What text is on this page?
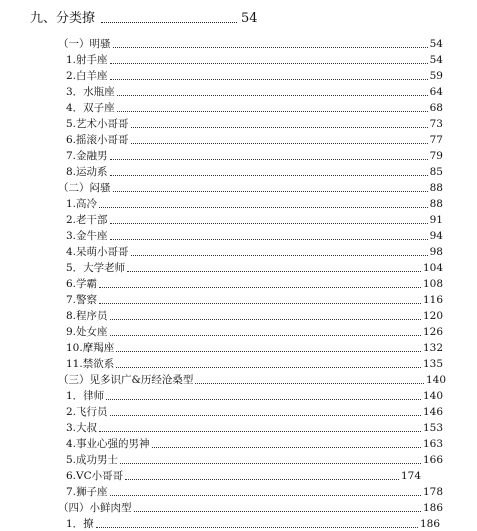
九、分类撩	54
（一）明骚	54
1.射手座	54
2.白羊座	59
3．水瓶座	64
4．双子座	68
5.艺术小哥哥	73
6.摇滚小哥哥	77
7.金融男	79
8.运动系	85
（二）闷骚	88
1.高冷	88
2.老干部	91
3.金牛座	94
4.呆萌小哥哥	98
5．大学老师	104
6.学霸	108
7.警察	116
8.程序员	120
9.处女座	126
10.摩羯座	132
11.禁欲系	135
（三）见多识广&历经沧桑型	140
1．律师	140
2.飞行员	146
3.大叔	153
4.事业心强的男神	163
5.成功男士	166
6.VC小哥哥	174
7.狮子座	178
（四）小鲜肉型	186
1．撩	186
